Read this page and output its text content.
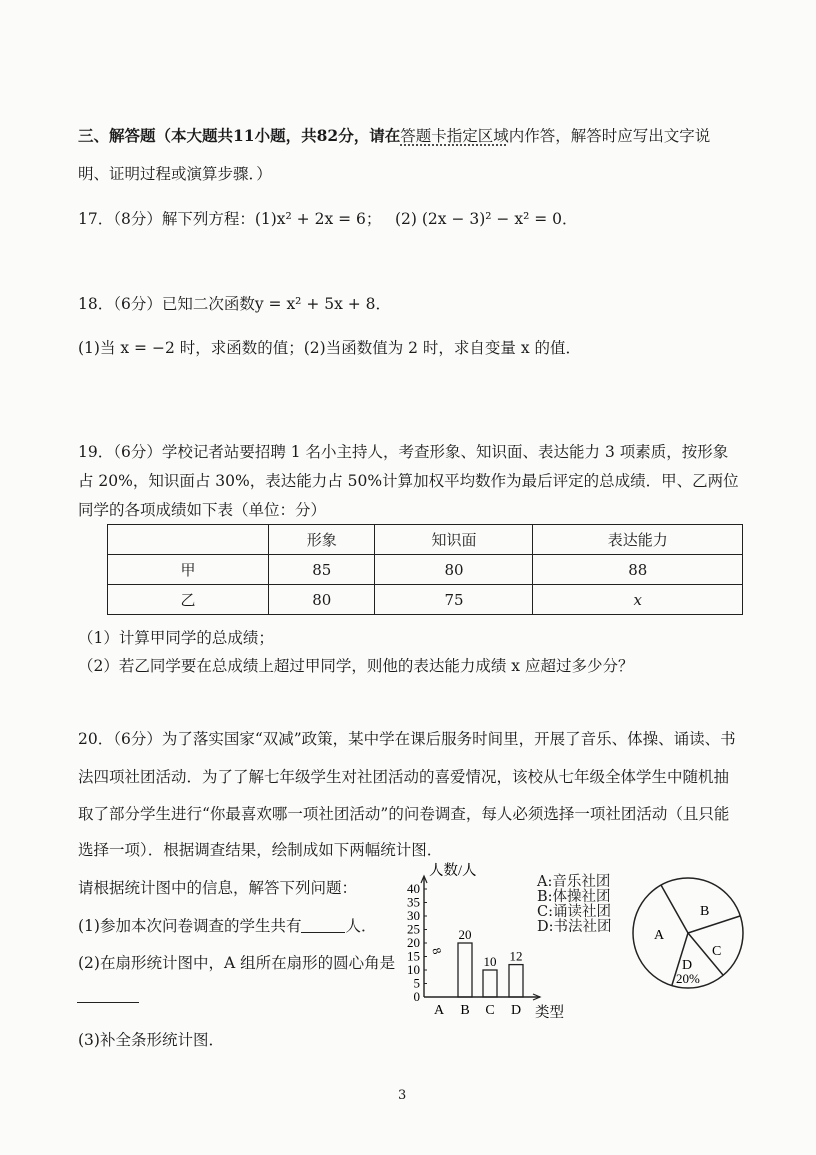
三、解答题（本大题共11小题，共82分，请在答题卡指定区域内作答，解答时应写出文字说
明、证明过程或演算步骤．）
17．（8分）解下列方程：(1)x² + 2x = 6； (2) (2x − 3)² − x² = 0．
18．（6分）已知二次函数y = x² + 5x + 8．
(1)当 x = −2 时，求函数的值；(2)当函数值为 2 时，求自变量 x 的值．
19．（6分）学校记者站要招聘 1 名小主持人，考查形象、知识面、表达能力 3 项素质，按形象
占 20%，知识面占 30%，表达能力占 50%计算加权平均数作为最后评定的总成绩．甲、乙两位
同学的各项成绩如下表（单位：分）
	形象	知识面	表达能力
甲	85	80	88
乙	80	75	x
（1）计算甲同学的总成绩；
（2）若乙同学要在总成绩上超过甲同学，则他的表达能力成绩 x 应超过多少分？
20．（6分）为了落实国家“双减”政策，某中学在课后服务时间里，开展了音乐、体操、诵读、书
法四项社团活动．为了了解七年级学生对社团活动的喜爱情况，该校从七年级全体学生中随机抽
取了部分学生进行“你最喜欢哪一项社团活动”的问卷调查，每人必须选择一项社团活动（且只能
选择一项）．根据调查结果，绘制成如下两幅统计图．
请根据统计图中的信息，解答下列问题：
(1)参加本次问卷调查的学生共有	人．
(2)在扇形统计图中，A 组所在扇形的圆心角是
(3)补全条形统计图．
0
5
10
15
20
25
30
35
40
人数/人
类型
8
A
20
B
10
C
12
D
A:音乐社团
B:体操社团
C:诵读社团
D:书法社团
B
A
C
D
20%
3
